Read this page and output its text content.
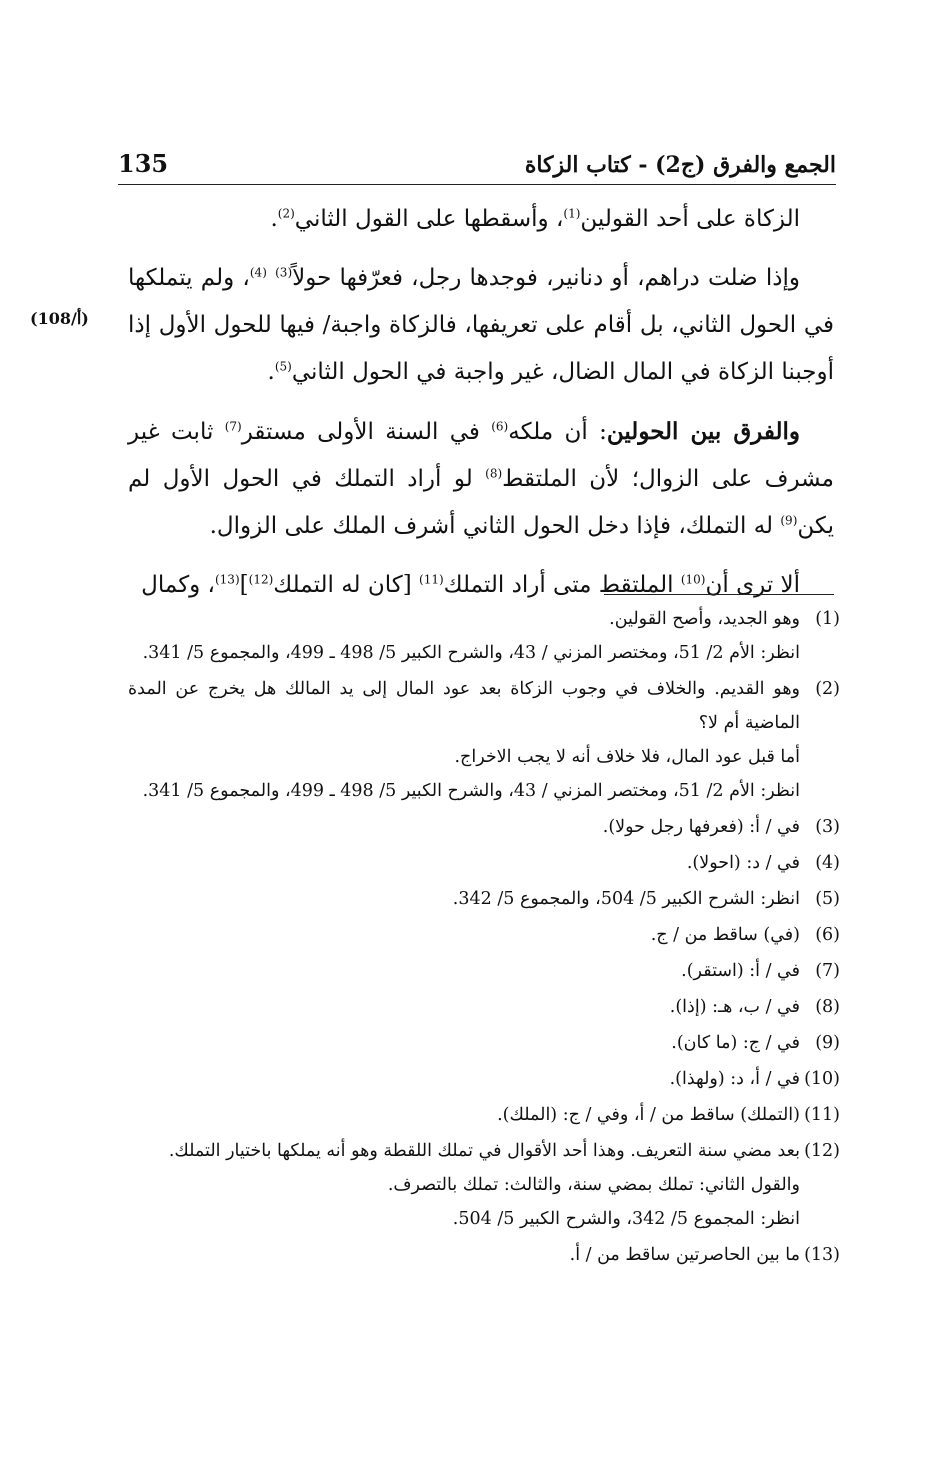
الجمع والفرق (ج2) - كتاب الزكاة
135
(108/أ)

الزكاة على أحد القولين$^{(1)}$، وأسقطها على القول الثاني$^{(2)}$.

وإذا ضلت دراهم، أو دنانير، فوجدها رجل، فعرّفها حولاً$^{(3)}$ $^{(4)}$، ولم يتملكها في الحول الثاني، بل أقام على تعريفها، فالزكاة واجبة/ فيها للحول الأول إذا أوجبنا الزكاة في المال الضال، غير واجبة في الحول الثاني$^{(5)}$.

والفرق بين الحولين: أن ملكه$^{(6)}$ في السنة الأولى مستقر$^{(7)}$ ثابت غير مشرف على الزوال؛ لأن الملتقط$^{(8)}$ لو أراد التملك في الحول الأول لم يكن$^{(9)}$ له التملك، فإذا دخل الحول الثاني أشرف الملك على الزوال.

ألا ترى أن$^{(10)}$ الملتقط متى أراد التملك$^{(11)}$ [كان له التملك$^{(12)}$]$^{(13)}$، وكمال

(1)
وهو الجديد، وأصح القولين.
انظر: الأم 2/ 51، ومختصر المزني / 43، والشرح الكبير 5/ 498 ـ 499، والمجموع 5/ 341.
(2)
وهو القديم. والخلاف في وجوب الزكاة بعد عود المال إلى يد المالك هل يخرج عن المدة الماضية أم لا؟
أما قبل عود المال، فلا خلاف أنه لا يجب الاخراج.
انظر: الأم 2/ 51، ومختصر المزني / 43، والشرح الكبير 5/ 498 ـ 499، والمجموع 5/ 341.
(3)
في / أ: (فعرفها رجل حولا).
(4)
في / د: (احولا).
(5)
انظر: الشرح الكبير 5/ 504، والمجموع 5/ 342.
(6)
(في) ساقط من / ج.
(7)
في / أ: (استقر).
(8)
في / ب، هـ: (إذا).
(9)
في / ج: (ما كان).
(10)
في / أ، د: (ولهذا).
(11)
(التملك) ساقط من / أ، وفي / ج: (الملك).
(12)
بعد مضي سنة التعريف. وهذا أحد الأقوال في تملك اللقطة وهو أنه يملكها باختيار التملك.
والقول الثاني: تملك بمضي سنة، والثالث: تملك بالتصرف.
انظر: المجموع 5/ 342، والشرح الكبير 5/ 504.
(13)
ما بين الحاصرتين ساقط من / أ.
